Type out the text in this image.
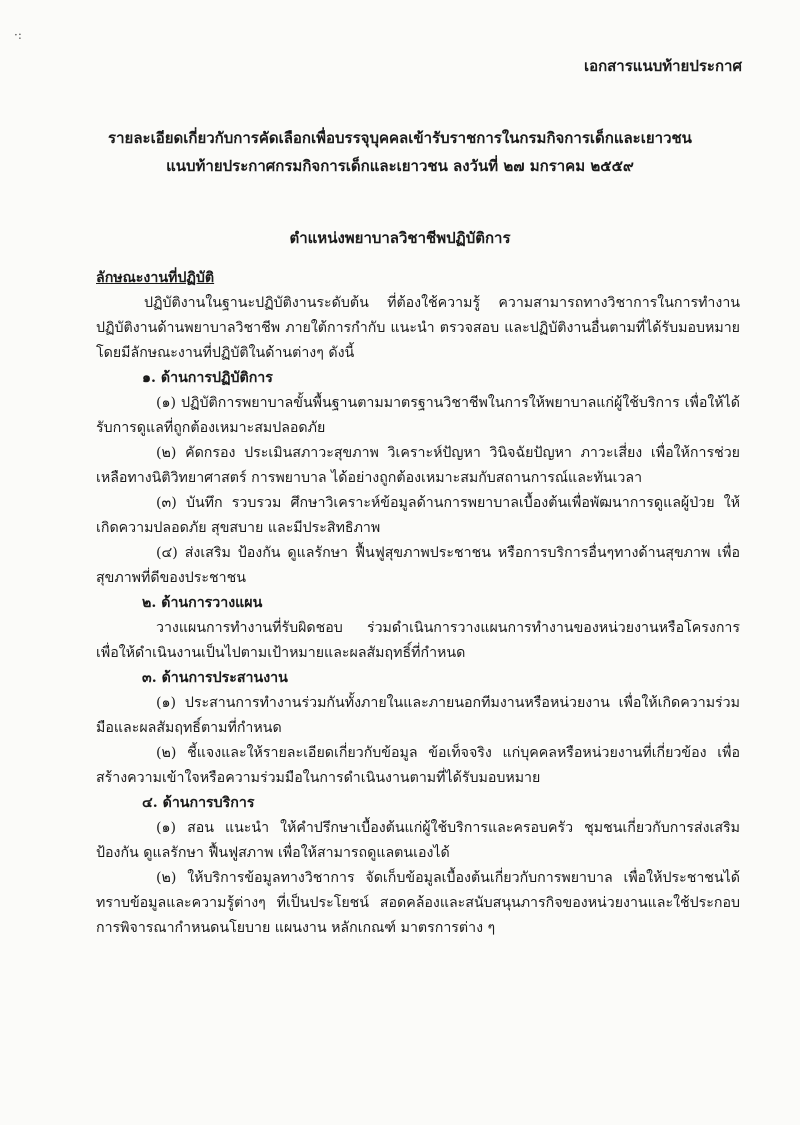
·:
เอกสารแนบท้ายประกาศ
รายละเอียดเกี่ยวกับการคัดเลือกเพื่อบรรจุบุคคลเข้ารับราชการในกรมกิจการเด็กและเยาวชน
แนบท้ายประกาศกรมกิจการเด็กและเยาวชน ลงวันที่ ๒๗ มกราคม ๒๕๕๙
ตำแหน่งพยาบาลวิชาชีพปฏิบัติการ

ลักษณะงานที่ปฏิบัติ

ปฏิบัติงานในฐานะปฏิบัติงานระดับต้น ที่ต้องใช้ความรู้ ความสามารถทางวิชาการในการทำงาน ปฏิบัติงานด้านพยาบาลวิชาชีพ ภายใต้การกำกับ แนะนำ ตรวจสอบ และปฏิบัติงานอื่นตามที่ได้รับมอบหมาย โดยมีลักษณะงานที่ปฏิบัติในด้านต่างๆ ดังนี้

๑. ด้านการปฏิบัติการ

(๑) ปฏิบัติการพยาบาลขั้นพื้นฐานตามมาตรฐานวิชาชีพในการให้พยาบาลแก่ผู้ใช้บริการ เพื่อให้ได้รับการดูแลที่ถูกต้องเหมาะสมปลอดภัย

(๒) คัดกรอง ประเมินสภาวะสุขภาพ วิเคราะห์ปัญหา วินิจฉัยปัญหา ภาวะเสี่ยง เพื่อให้การช่วยเหลือทางนิติวิทยาศาสตร์ การพยาบาล ได้อย่างถูกต้องเหมาะสมกับสถานการณ์และทันเวลา

(๓) บันทึก รวบรวม ศึกษาวิเคราะห์ข้อมูลด้านการพยาบาลเบื้องต้นเพื่อพัฒนาการดูแลผู้ป่วย ให้เกิดความปลอดภัย สุขสบาย และมีประสิทธิภาพ

(๔) ส่งเสริม ป้องกัน ดูแลรักษา ฟื้นฟูสุขภาพประชาชน หรือการบริการอื่นๆทางด้านสุขภาพ เพื่อสุขภาพที่ดีของประชาชน

๒. ด้านการวางแผน

วางแผนการทำงานที่รับผิดชอบ ร่วมดำเนินการวางแผนการทำงานของหน่วยงานหรือโครงการเพื่อให้ดำเนินงานเป็นไปตามเป้าหมายและผลสัมฤทธิ์ที่กำหนด

๓. ด้านการประสานงาน

(๑) ประสานการทำงานร่วมกันทั้งภายในและภายนอกทีมงานหรือหน่วยงาน เพื่อให้เกิดความร่วมมือและผลสัมฤทธิ์ตามที่กำหนด

(๒) ชี้แจงและให้รายละเอียดเกี่ยวกับข้อมูล ข้อเท็จจริง แก่บุคคลหรือหน่วยงานที่เกี่ยวข้อง เพื่อสร้างความเข้าใจหรือความร่วมมือในการดำเนินงานตามที่ได้รับมอบหมาย

๔. ด้านการบริการ

(๑) สอน แนะนำ ให้คำปรึกษาเบื้องต้นแก่ผู้ใช้บริการและครอบครัว ชุมชนเกี่ยวกับการส่งเสริม ป้องกัน ดูแลรักษา ฟื้นฟูสภาพ เพื่อให้สามารถดูแลตนเองได้

(๒) ให้บริการข้อมูลทางวิชาการ จัดเก็บข้อมูลเบื้องต้นเกี่ยวกับการพยาบาล เพื่อให้ประชาชนได้ทราบข้อมูลและความรู้ต่างๆ ที่เป็นประโยชน์ สอดคล้องและสนับสนุนภารกิจของหน่วยงานและใช้ประกอบการพิจารณากำหนดนโยบาย แผนงาน หลักเกณฑ์ มาตรการต่าง ๆ
